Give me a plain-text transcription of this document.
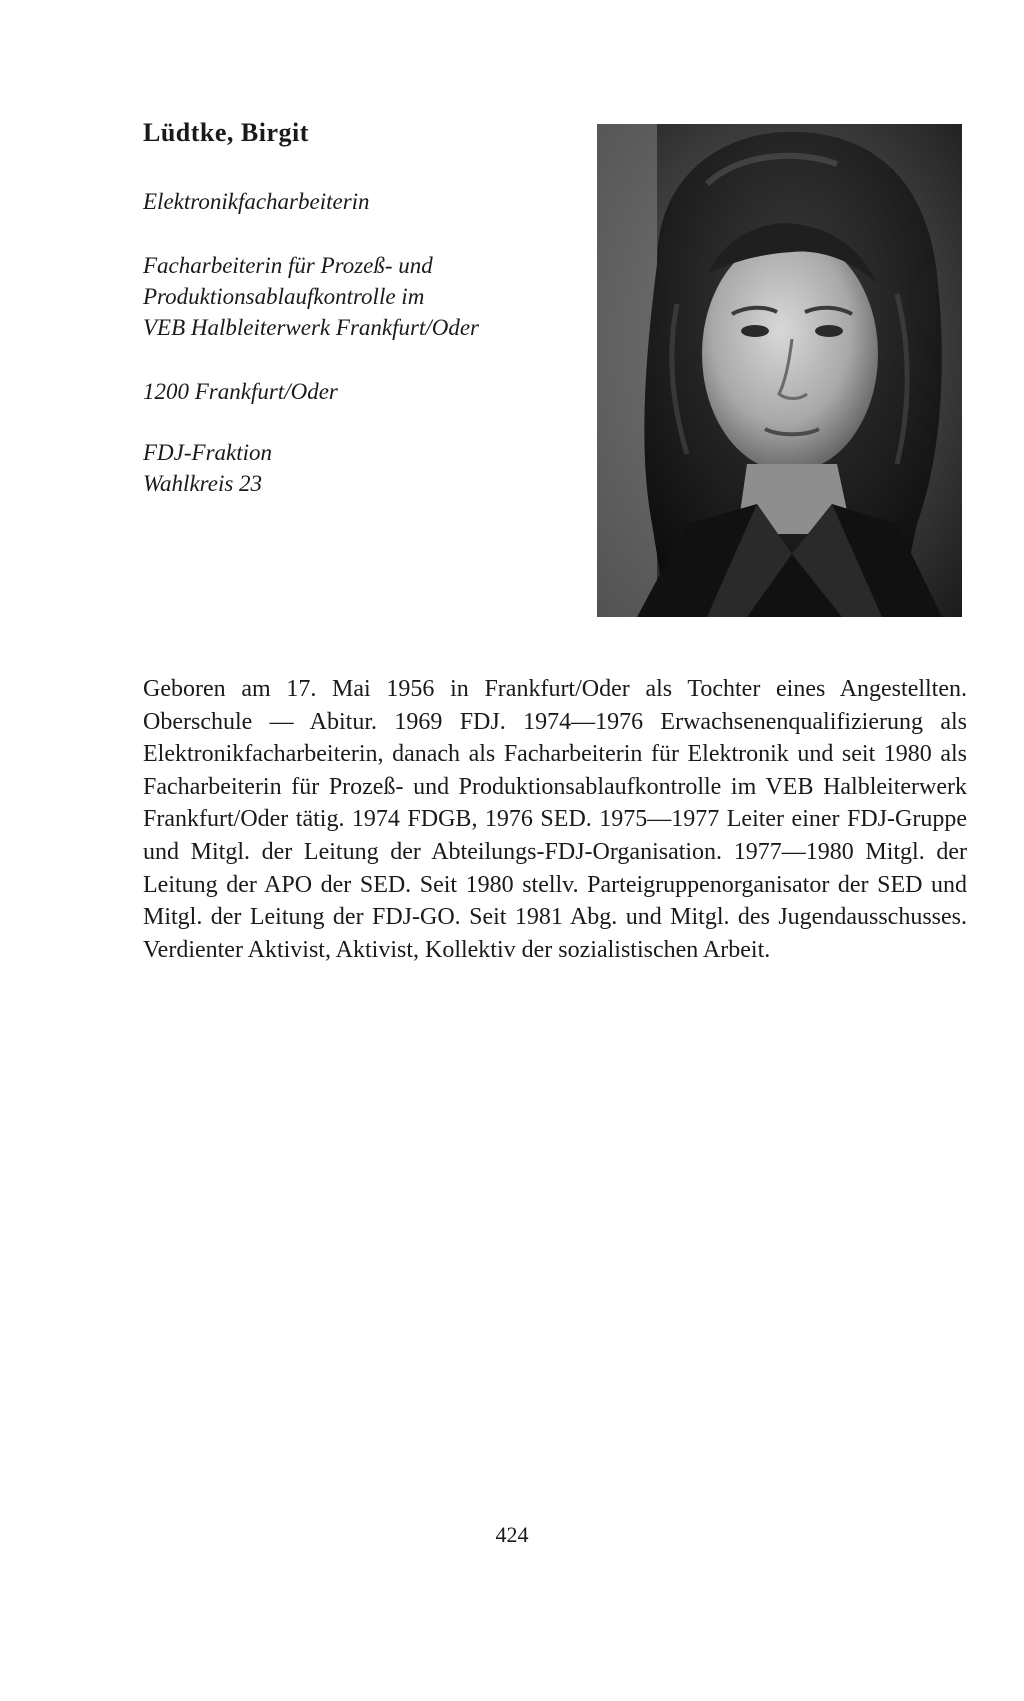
Lüdtke, Birgit

Elektronikfacharbeiterin

Facharbeiterin für Prozeß- und
Produktionsablaufkontrolle im
VEB Halbleiterwerk Frankfurt/Oder

1200 Frankfurt/Oder

FDJ-Fraktion
Wahlkreis 23

Geboren am 17. Mai 1956 in Frankfurt/Oder als Tochter eines Angestellten. Oberschule — Abitur. 1969 FDJ. 1974—1976 Erwachsenenqualifizierung als Elektronikfacharbeiterin, danach als Facharbeiterin für Elektronik und seit 1980 als Facharbeiterin für Prozeß- und Produktionsablaufkontrolle im VEB Halbleiterwerk Frankfurt/Oder tätig. 1974 FDGB, 1976 SED. 1975—1977 Leiter einer FDJ-Gruppe und Mitgl. der Leitung der Abteilungs-FDJ-Organisation. 1977—1980 Mitgl. der Leitung der APO der SED. Seit 1980 stellv. Parteigruppenorganisator der SED und Mitgl. der Leitung der FDJ-GO. Seit 1981 Abg. und Mitgl. des Jugendausschusses. Verdienter Aktivist, Aktivist, Kollektiv der sozialistischen Arbeit.

424
